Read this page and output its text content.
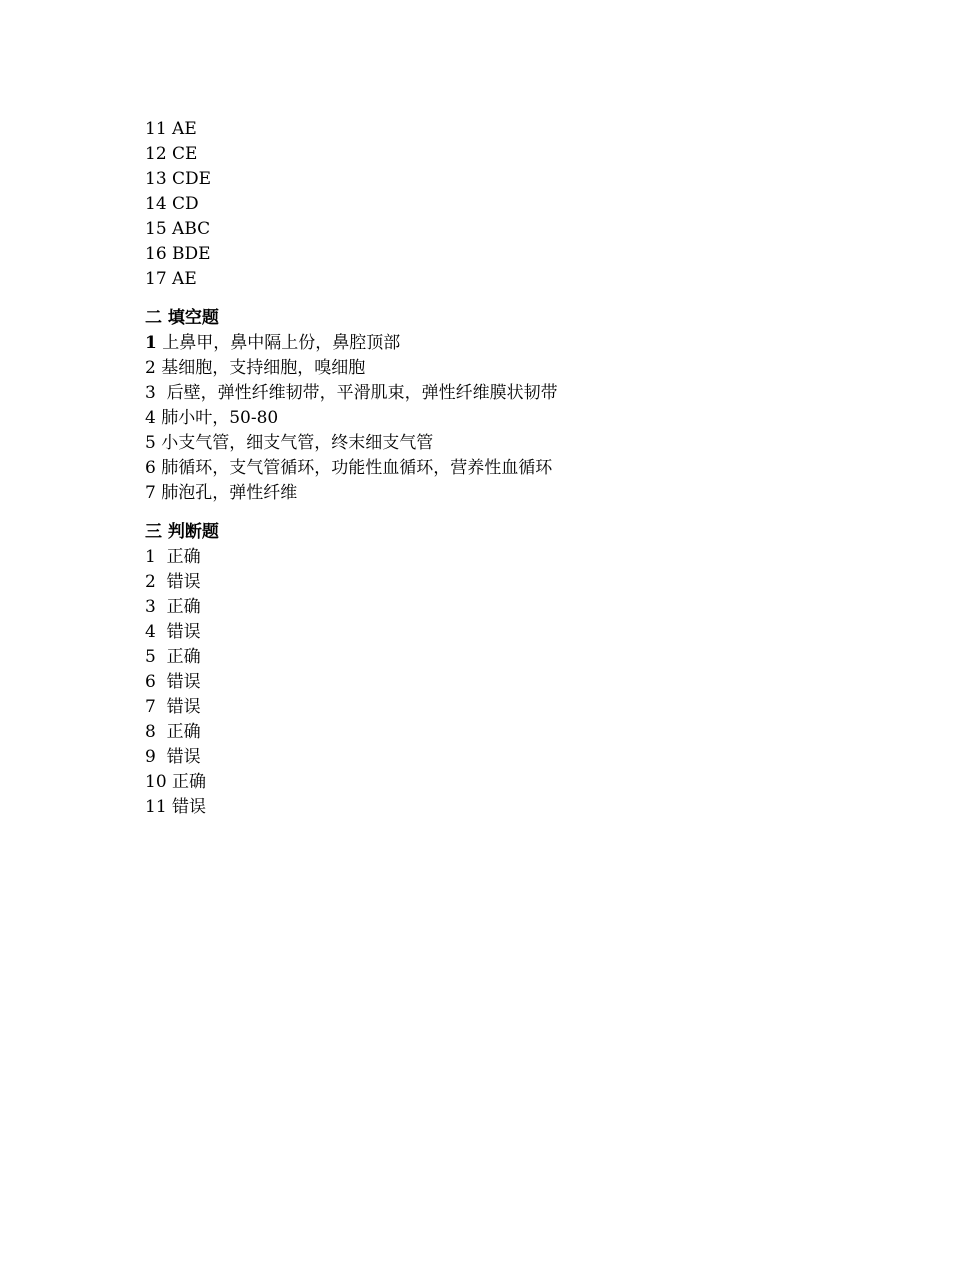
11 AE
12 CE
13 CDE
14 CD
15 ABC
16 BDE
17 AE
二 填空题
1 上鼻甲，鼻中隔上份，鼻腔顶部
2 基细胞，支持细胞，嗅细胞
3  后壁，弹性纤维韧带，平滑肌束，弹性纤维膜状韧带
4 肺小叶，50-80
5 小支气管，细支气管，终末细支气管
6 肺循环，支气管循环，功能性血循环，营养性血循环
7 肺泡孔，弹性纤维
三 判断题
1  正确
2  错误
3  正确
4  错误
5  正确
6  错误
7  错误
8  正确
9  错误
10 正确
11 错误
